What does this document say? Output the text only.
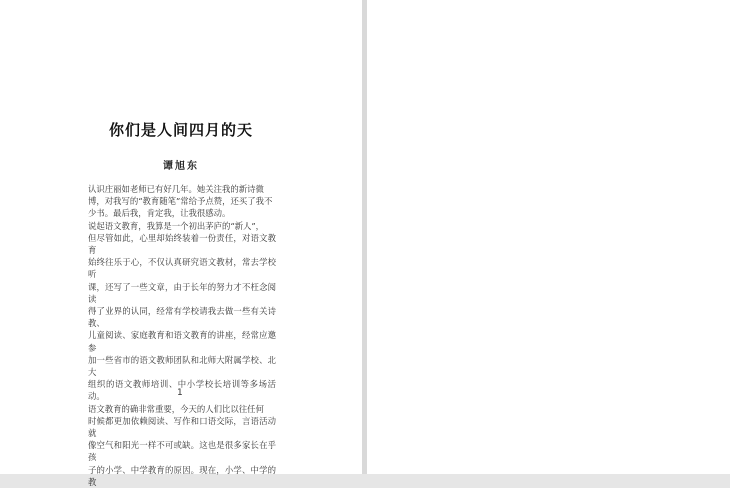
你们是人间四月的天
谭旭东

认识庄丽如老师已有好几年。她关注我的新诗微

博，对我写的“教育随笔”常给予点赞，还买了我不

少书。最后我，肯定我，让我很感动。

说起语文教育，我算是一个初出茅庐的“新人”，

但尽管如此，心里却始终装着一份责任，对语文教育

始终往乐于心，不仅认真研究语文教材，常去学校听

课，还写了一些文章，由于长年的努力才不枉念阅读

得了业界的认同，经常有学校请我去做一些有关诗教、

儿童阅读、家庭教育和语文教育的讲座，经常应邀参

加一些省市的语文教师团队和北师大附属学校、北大

组织的语文教师培训、中小学校长培训等多场活动。

语文教育的确非常重要，今天的人们比以往任何

时候都更加依赖阅读、写作和口语交际，言语活动就

像空气和阳光一样不可或缺。这也是很多家长在乎孩

子的小学、中学教育的原因。现在，小学、中学的教

1
